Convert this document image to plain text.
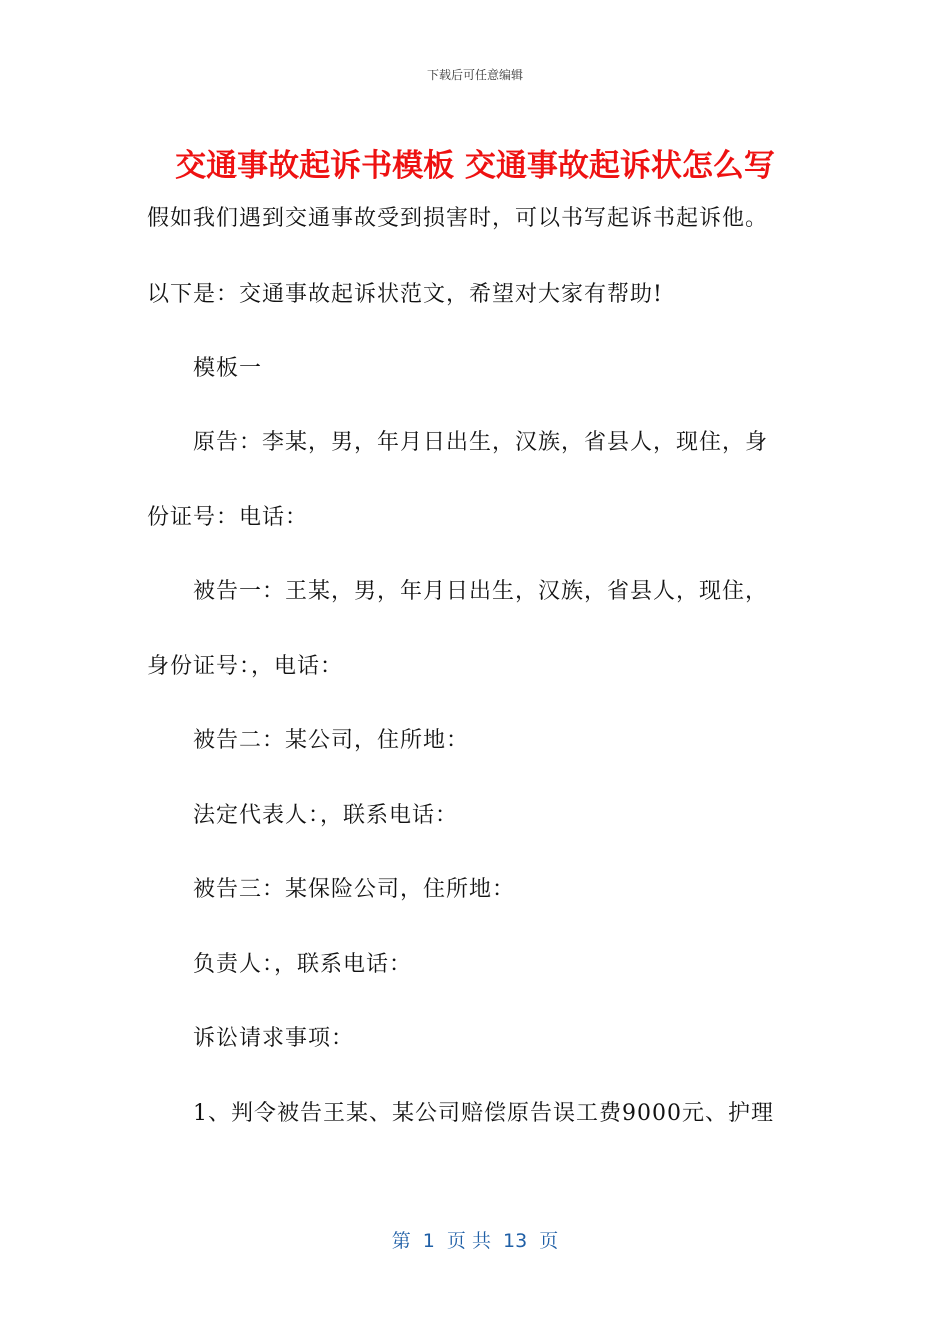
下载后可任意编辑
交通事故起诉书模板 交通事故起诉状怎么写
假如我们遇到交通事故受到损害时，可以书写起诉书起诉他。
以下是：交通事故起诉状范文，希望对大家有帮助!
模板一
原告：李某，男，年月日出生，汉族，省县人，现住，身
份证号：电话：
被告一：王某，男，年月日出生，汉族，省县人，现住，
身份证号：，电话：
被告二：某公司，住所地：
法定代表人：，联系电话：
被告三：某保险公司，住所地：
负责人：，联系电话：
诉讼请求事项：
1、判令被告王某、某公司赔偿原告误工费9000元、护理
第  1  页 共  13  页
